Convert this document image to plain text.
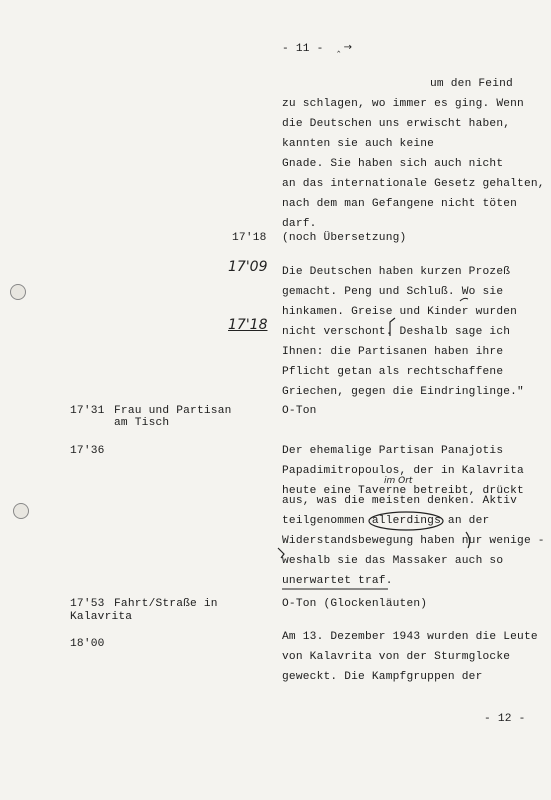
- 11 - ‸ →
um den Feind
zu schlagen, wo immer es ging. Wenn
die Deutschen uns erwischt haben,
kannten sie auch keine
Gnade. Sie haben sich auch nicht
an das internationale Gesetz gehalten,
nach dem man Gefangene nicht töten
darf.
17'18 (noch Übersetzung)
17'09
17'18
Die Deutschen haben kurzen Prozeß
gemacht. Peng und Schluß. Wo sie
hinkamen. Greise und Kinder wurden
nicht verschont. Deshalb sage ich
Ihnen: die Partisanen haben ihre
Pflicht getan als rechtschaffene
Griechen, gegen die Eindringlinge."
17'31 Frau und Partisan
am Tisch
O-Ton
17'36	Der ehemalige Partisan Panajotis
Papadimitropoulos, der in Kalavrita
heute eine Taverne betreibt, drückt
im Ort
aus, was die meisten denken. Aktiv
teilgenommen allerdings an der
Widerstandsbewegung haben nur wenige -
weshalb sie das Massaker auch so
unerwartet traf.
17'53 Fahrt/Straße in
Kalavrita
O-Ton (Glockenläuten)
18'00
Am 13. Dezember 1943 wurden die Leute
von Kalavrita von der Sturmglocke
geweckt. Die Kampfgruppen der
- 12 -
